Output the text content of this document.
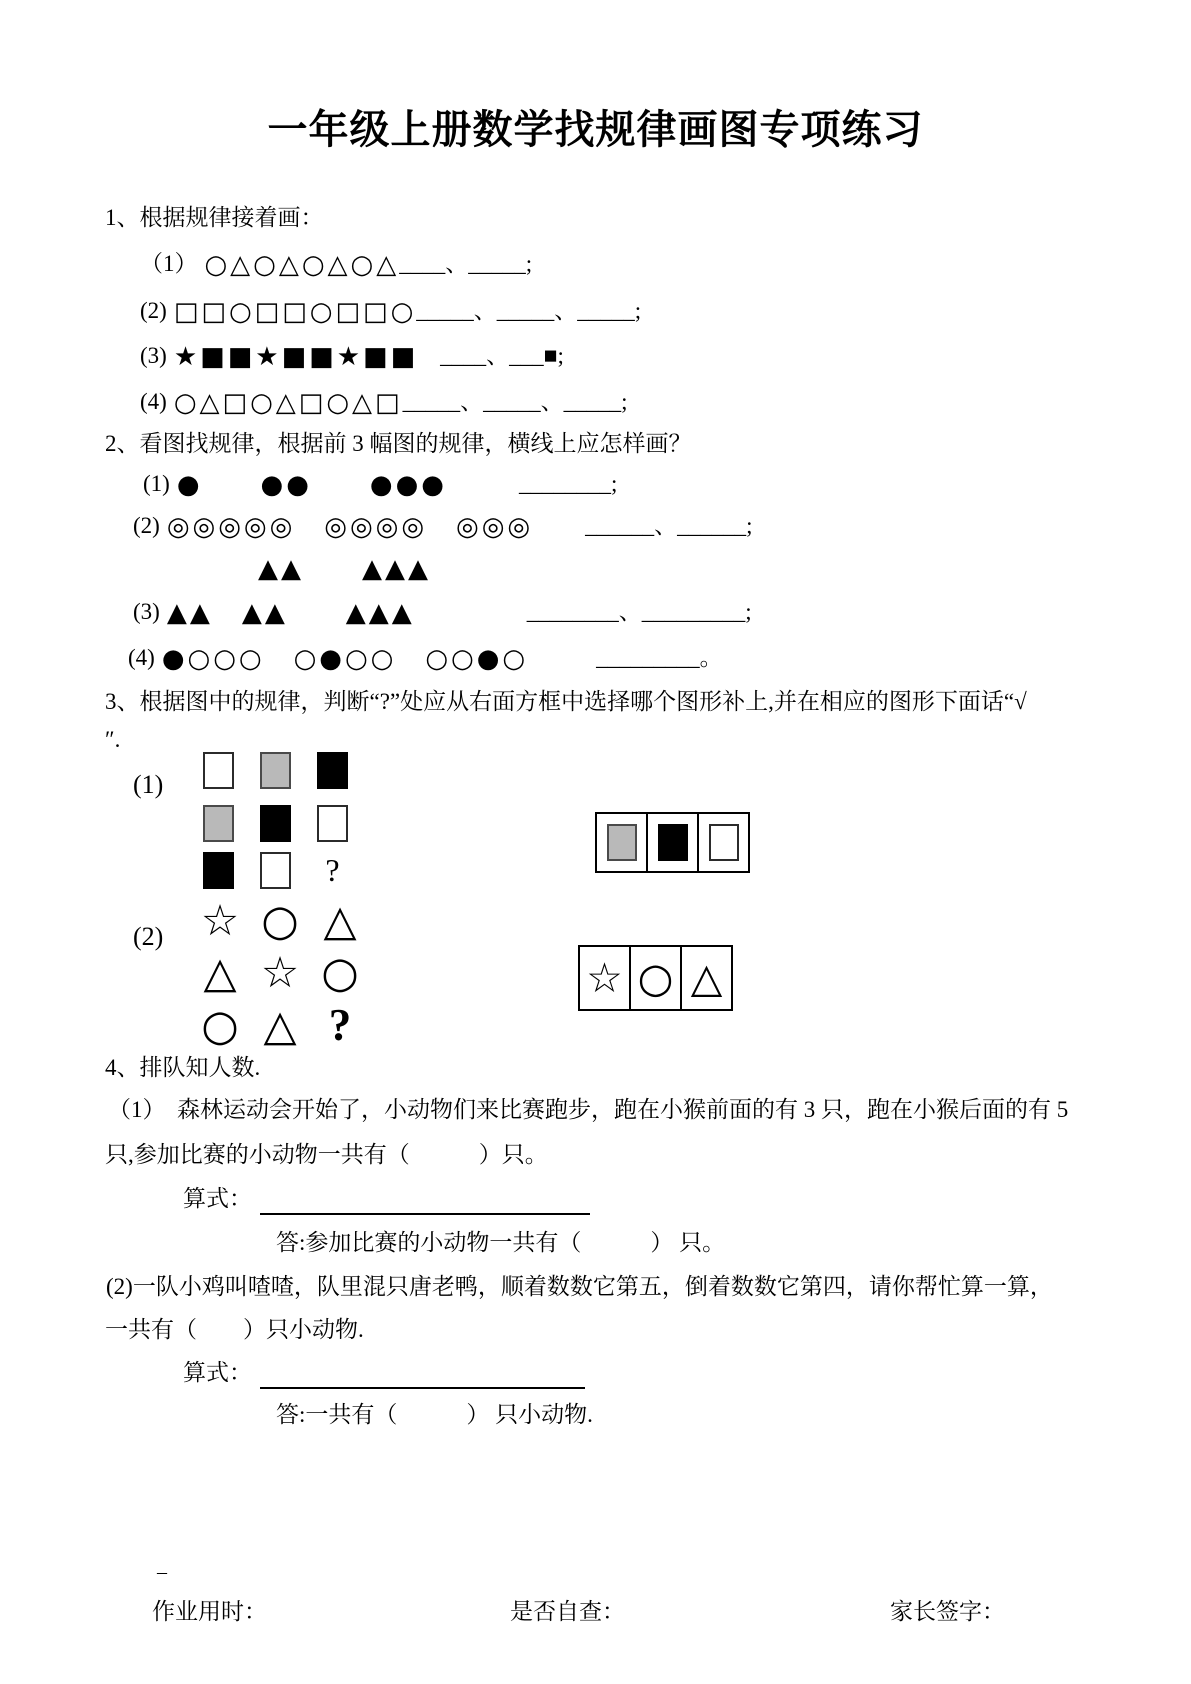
一年级上册数学找规律画图专项练习
1、根据规律接着画：
（1） ○△○△○△○△____、_____;
(2) □□○□□○□□○_____、_____、_____;
(3) ★■■★■■★■■ ____、___■;
(4) ○△□○△□○△□_____、_____、_____;
2、看图找规律，根据前 3 幅图的规律，横线上应怎样画？
(1) ●　　●●　　●●●	________;
(2) ◎◎◎◎◎　◎◎◎◎　◎◎◎ ______、______;
▲▲　　▲▲▲
(3) ▲▲　▲▲　　▲▲▲	________、_________;
(4) ●○○○　○●○○　○○●○	_________。
3、根据图中的规律，判断“?”处应从右面方框中选择哪个图形补上,并在相应的图形下面话“√
″.
(1)
?
(2) ☆ ○ △
△ ☆ ○
○ △ ?
☆ ○ △
4、排队知人数.
（1）　森林运动会开始了，小动物们来比赛跑步，跑在小猴前面的有 3 只，跑在小猴后面的有 5
只,参加比赛的小动物一共有（　　　）只。
算式：
答:参加比赛的小动物一共有（　　　） 只。
(2)一队小鸡叫喳喳，队里混只唐老鸭，顺着数数它第五，倒着数数它第四，请你帮忙算一算，
一共有（　　）只小动物.
算式：
答:一共有（　　　） 只小动物.
–
作业用时：	是否自查：	家长签字：
